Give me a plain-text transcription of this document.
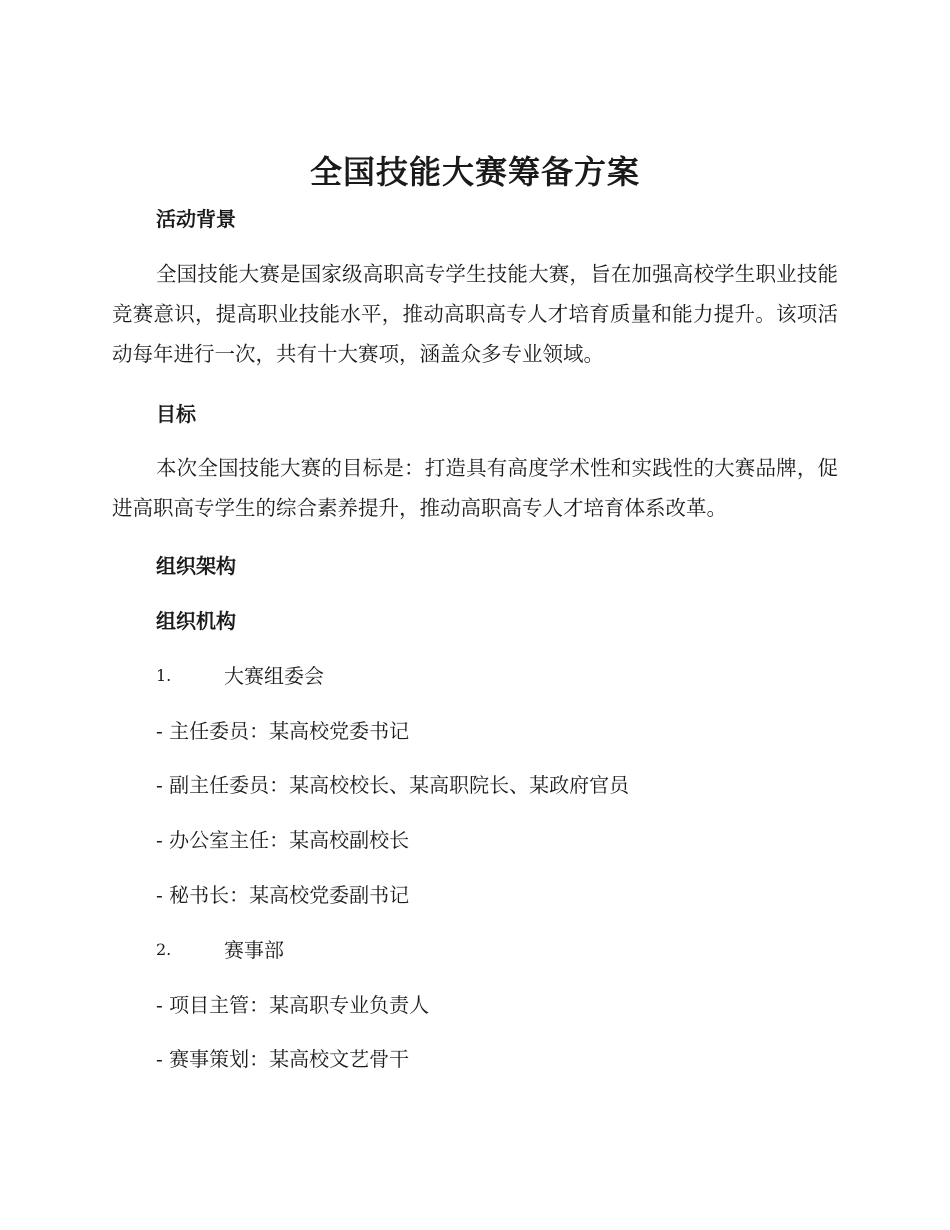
全国技能大赛筹备方案
活动背景
全国技能大赛是国家级高职高专学生技能大赛，旨在加强高校学生职业技能竞赛意识，提高职业技能水平，推动高职高专人才培育质量和能力提升。该项活动每年进行一次，共有十大赛项，涵盖众多专业领域。
目标
本次全国技能大赛的目标是：打造具有高度学术性和实践性的大赛品牌，促进高职高专学生的综合素养提升，推动高职高专人才培育体系改革。
组织架构
组织机构
1.	大赛组委会
- 主任委员：某高校党委书记
- 副主任委员：某高校校长、某高职院长、某政府官员
- 办公室主任：某高校副校长
- 秘书长：某高校党委副书记
2.	赛事部
- 项目主管：某高职专业负责人
- 赛事策划：某高校文艺骨干
